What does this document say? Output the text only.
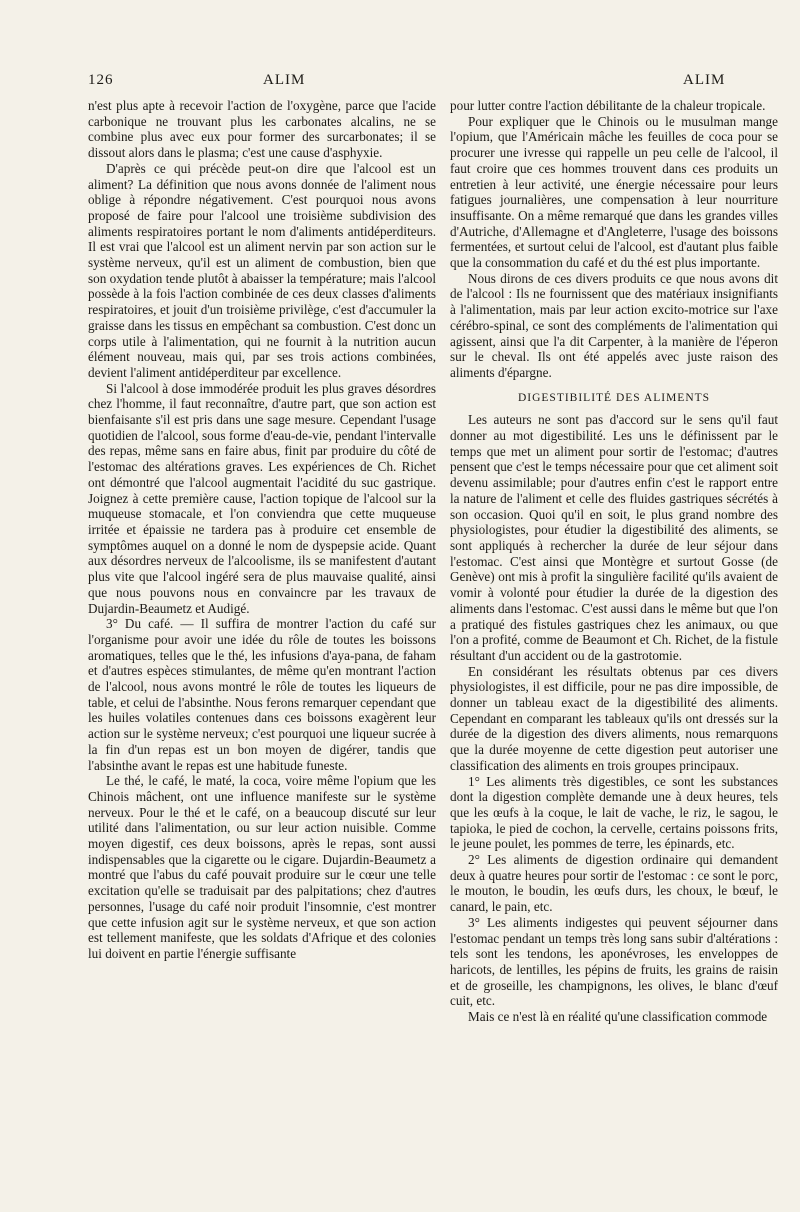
126	ALIM	ALIM

n'est plus apte à recevoir l'action de l'oxygène, parce que l'acide carbonique ne trouvant plus les carbonates alcalins, ne se combine plus avec eux pour former des surcarbonates; il se dissout alors dans le plasma; c'est une cause d'asphyxie.

D'après ce qui précède peut-on dire que l'alcool est un aliment? La définition que nous avons donnée de l'aliment nous oblige à répondre négativement. C'est pourquoi nous avons proposé de faire pour l'alcool une troisième subdivision des aliments respiratoires portant le nom d'aliments antidéperditeurs. Il est vrai que l'alcool est un aliment nervin par son action sur le système nerveux, qu'il est un aliment de combustion, bien que son oxydation tende plutôt à abaisser la température; mais l'alcool possède à la fois l'action combinée de ces deux classes d'aliments respiratoires, et jouit d'un troisième privilège, c'est d'accumuler la graisse dans les tissus en empêchant sa combustion. C'est donc un corps utile à l'alimentation, qui ne fournit à la nutrition aucun élément nouveau, mais qui, par ses trois actions combinées, devient l'aliment antidéperditeur par excellence.

Si l'alcool à dose immodérée produit les plus graves désordres chez l'homme, il faut reconnaître, d'autre part, que son action est bienfaisante s'il est pris dans une sage mesure. Cependant l'usage quotidien de l'alcool, sous forme d'eau-de-vie, pendant l'intervalle des repas, même sans en faire abus, finit par produire du côté de l'estomac des altérations graves. Les expériences de Ch. Richet ont démontré que l'alcool augmentait l'acidité du suc gastrique. Joignez à cette première cause, l'action topique de l'alcool sur la muqueuse stomacale, et l'on conviendra que cette muqueuse irritée et épaissie ne tardera pas à produire cet ensemble de symptômes auquel on a donné le nom de dyspepsie acide. Quant aux désordres nerveux de l'alcoolisme, ils se manifestent d'autant plus vite que l'alcool ingéré sera de plus mauvaise qualité, ainsi que nous pouvons nous en convaincre par les travaux de Dujardin-Beaumetz et Audigé.

3° Du café. — Il suffira de montrer l'action du café sur l'organisme pour avoir une idée du rôle de toutes les boissons aromatiques, telles que le thé, les infusions d'aya-pana, de faham et d'autres espèces stimulantes, de même qu'en montrant l'action de l'alcool, nous avons montré le rôle de toutes les liqueurs de table, et celui de l'absinthe. Nous ferons remarquer cependant que les huiles volatiles contenues dans ces boissons exagèrent leur action sur le système nerveux; c'est pourquoi une liqueur sucrée à la fin d'un repas est un bon moyen de digérer, tandis que l'absinthe avant le repas est une habitude funeste.

Le thé, le café, le maté, la coca, voire même l'opium que les Chinois mâchent, ont une influence manifeste sur le système nerveux. Pour le thé et le café, on a beaucoup discuté sur leur utilité dans l'alimentation, ou sur leur action nuisible. Comme moyen digestif, ces deux boissons, après le repas, sont aussi indispensables que la cigarette ou le cigare. Dujardin-Beaumetz a montré que l'abus du café pouvait produire sur le cœur une telle excitation qu'elle se traduisait par des palpitations; chez d'autres personnes, l'usage du café noir produit l'insomnie, c'est montrer que cette infusion agit sur le système nerveux, et que son action est tellement manifeste, que les soldats d'Afrique et des colonies lui doivent en partie l'énergie suffisante

pour lutter contre l'action débilitante de la chaleur tropicale.

Pour expliquer que le Chinois ou le musulman mange l'opium, que l'Américain mâche les feuilles de coca pour se procurer une ivresse qui rappelle un peu celle de l'alcool, il faut croire que ces hommes trouvent dans ces produits un entretien à leur activité, une énergie nécessaire pour leurs fatigues journalières, une compensation à leur nourriture insuffisante. On a même remarqué que dans les grandes villes d'Autriche, d'Allemagne et d'Angleterre, l'usage des boissons fermentées, et surtout celui de l'alcool, est d'autant plus faible que la consommation du café et du thé est plus importante.

Nous dirons de ces divers produits ce que nous avons dit de l'alcool : Ils ne fournissent que des matériaux insignifiants à l'alimentation, mais par leur action excito-motrice sur l'axe cérébro-spinal, ce sont des compléments de l'alimentation qui agissent, ainsi que l'a dit Carpenter, à la manière de l'éperon sur le cheval. Ils ont été appelés avec juste raison des aliments d'épargne.

DIGESTIBILITÉ DES ALIMENTS

Les auteurs ne sont pas d'accord sur le sens qu'il faut donner au mot digestibilité. Les uns le définissent par le temps que met un aliment pour sortir de l'estomac; d'autres pensent que c'est le temps nécessaire pour que cet aliment soit devenu assimilable; pour d'autres enfin c'est le rapport entre la nature de l'aliment et celle des fluides gastriques sécrétés à son occasion. Quoi qu'il en soit, le plus grand nombre des physiologistes, pour étudier la digestibilité des aliments, se sont appliqués à rechercher la durée de leur séjour dans l'estomac. C'est ainsi que Montègre et surtout Gosse (de Genève) ont mis à profit la singulière facilité qu'ils avaient de vomir à volonté pour étudier la durée de la digestion des aliments dans l'estomac. C'est aussi dans le même but que l'on a pratiqué des fistules gastriques chez les animaux, ou que l'on a profité, comme de Beaumont et Ch. Richet, de la fistule résultant d'un accident ou de la gastrotomie.

En considérant les résultats obtenus par ces divers physiologistes, il est difficile, pour ne pas dire impossible, de donner un tableau exact de la digestibilité des aliments. Cependant en comparant les tableaux qu'ils ont dressés sur la durée de la digestion des divers aliments, nous remarquons que la durée moyenne de cette digestion peut autoriser une classification des aliments en trois groupes principaux.

1° Les aliments très digestibles, ce sont les substances dont la digestion complète demande une à deux heures, tels que les œufs à la coque, le lait de vache, le riz, le sagou, le tapioka, le pied de cochon, la cervelle, certains poissons frits, le jeune poulet, les pommes de terre, les épinards, etc.

2° Les aliments de digestion ordinaire qui demandent deux à quatre heures pour sortir de l'estomac : ce sont le porc, le mouton, le boudin, les œufs durs, les choux, le bœuf, le canard, le pain, etc.

3° Les aliments indigestes qui peuvent séjourner dans l'estomac pendant un temps très long sans subir d'altérations : tels sont les tendons, les aponévroses, les enveloppes de haricots, de lentilles, les pépins de fruits, les grains de raisin et de groseille, les champignons, les olives, le blanc d'œuf cuit, etc.

Mais ce n'est là en réalité qu'une classification commode
